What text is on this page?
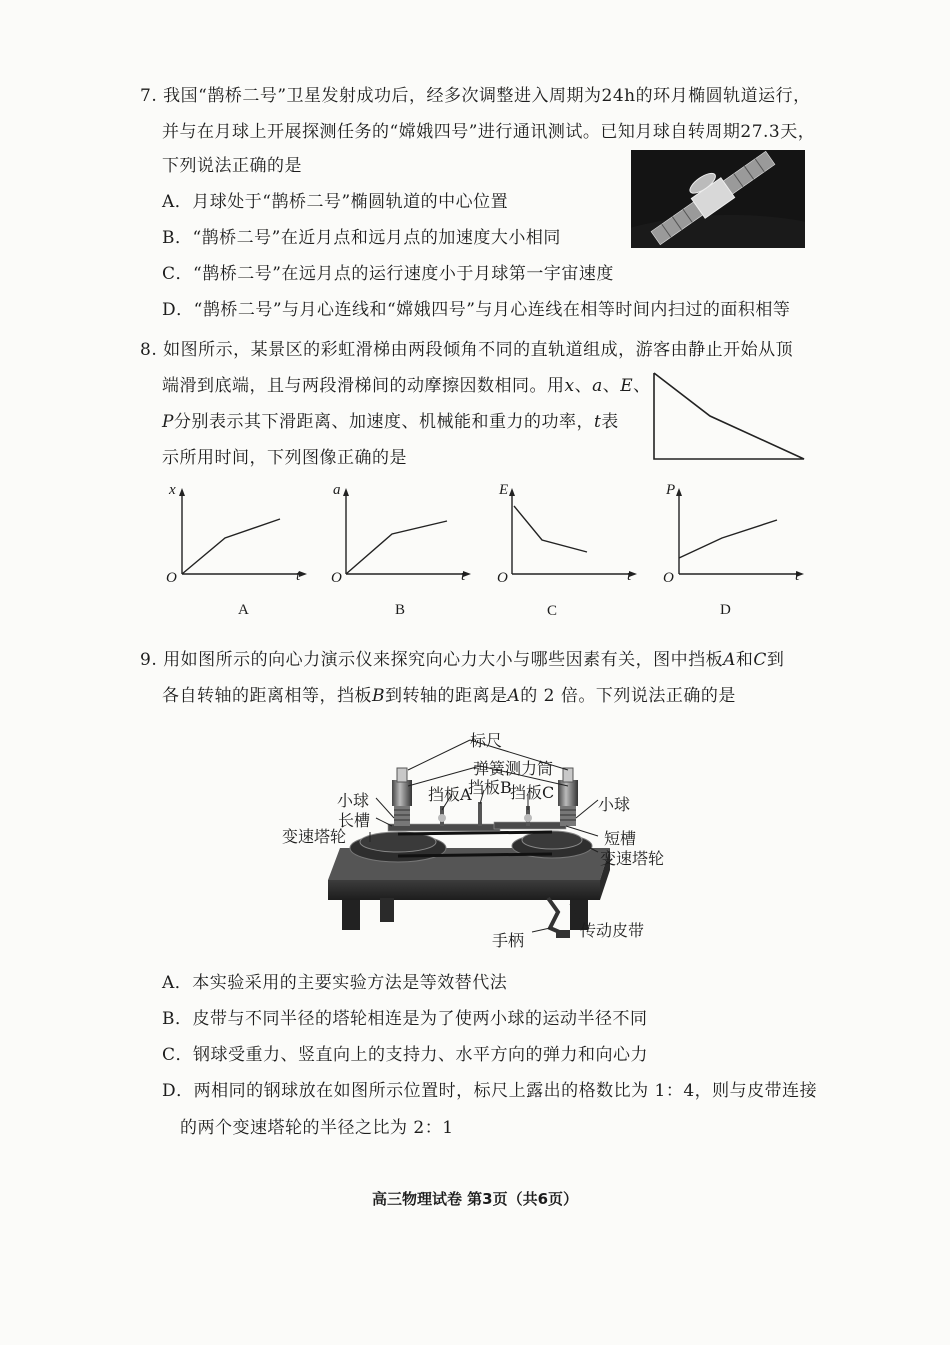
7. 我国“鹊桥二号”卫星发射成功后，经多次调整进入周期为24h的环月椭圆轨道运行，
并与在月球上开展探测任务的“嫦娥四号”进行通讯测试。已知月球自转周期27.3天，
下列说法正确的是
A．月球处于“鹊桥二号”椭圆轨道的中心位置
B．“鹊桥二号”在近月点和远月点的加速度大小相同
C．“鹊桥二号”在远月点的运行速度小于月球第一宇宙速度
D．“鹊桥二号”与月心连线和“嫦娥四号”与月心连线在相等时间内扫过的面积相等
8. 如图所示，某景区的彩虹滑梯由两段倾角不同的直轨道组成，游客由静止开始从顶
端滑到底端，且与两段滑梯间的动摩擦因数相同。用x、a、E、
P分别表示其下滑距离、加速度、机械能和重力的功率，t表
示所用时间，下列图像正确的是
x
O	t
A
a
O	t
B
E
O	t
C
P
O	t
D
9. 用如图所示的向心力演示仪来探究向心力大小与哪些因素有关，图中挡板A和C到
各自转轴的距离相等，挡板B到转轴的距离是A的 2 倍。下列说法正确的是
标尺
弹簧测力筒
挡板B
挡板A 挡板C
小球	小球
长槽
短槽
变速塔轮
变速塔轮
手柄
传动皮带
A．本实验采用的主要实验方法是等效替代法
B．皮带与不同半径的塔轮相连是为了使两小球的运动半径不同
C．钢球受重力、竖直向上的支持力、水平方向的弹力和向心力
D．两相同的钢球放在如图所示位置时，标尺上露出的格数比为 1：4，则与皮带连接
的两个变速塔轮的半径之比为 2：1
高三物理试卷 第3页（共6页）
